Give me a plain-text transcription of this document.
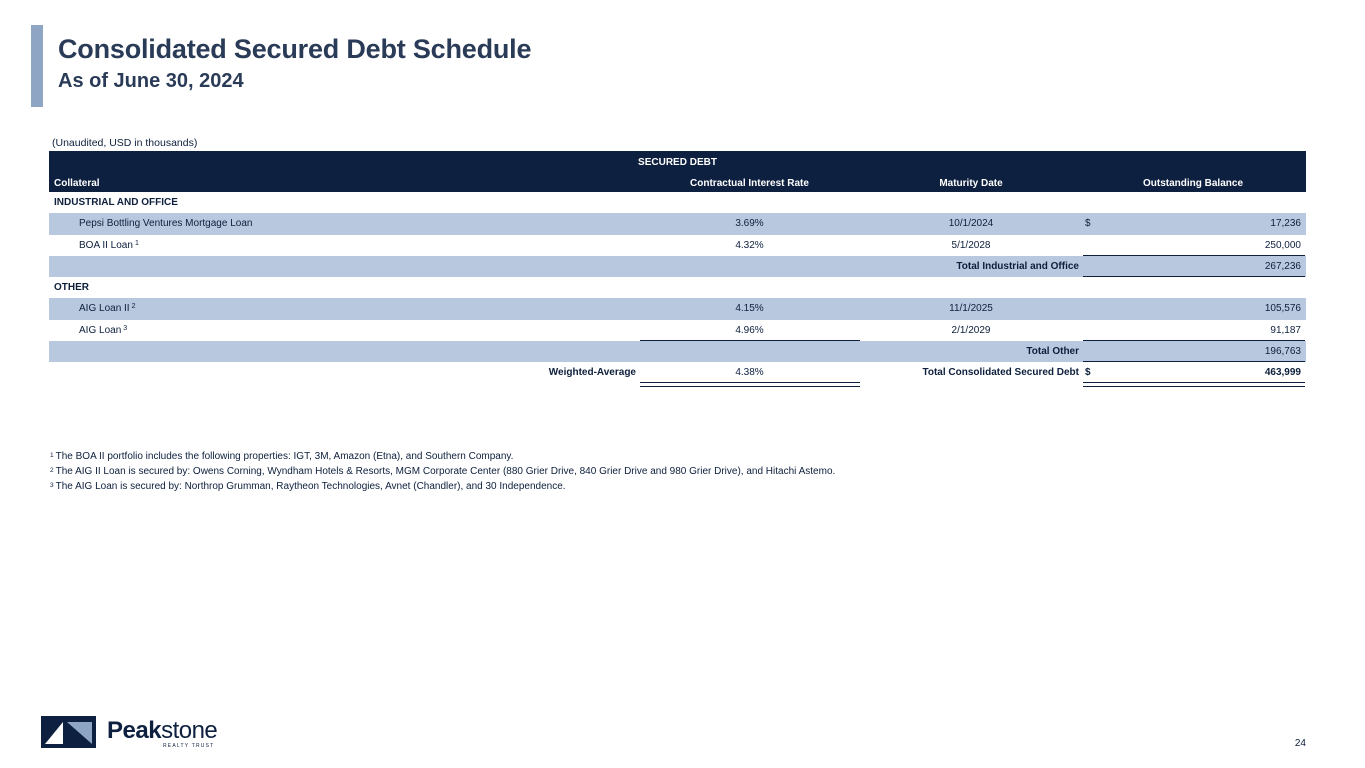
Consolidated Secured Debt Schedule
As of June 30, 2024
(Unaudited, USD in thousands)
SECURED DEBT
Collateral	Contractual Interest Rate	Maturity Date	Outstanding Balance
INDUSTRIAL AND OFFICE
Pepsi Bottling Ventures Mortgage Loan	3.69%	10/1/2024	$	17,236
BOA II Loan $^1$	4.32%	5/1/2028	250,000
Total Industrial and Office	267,236
OTHER
AIG Loan II $^2$	4.15%	11/1/2025	105,576
AIG Loan $^3$	4.96%	2/1/2029	91,187
Total Other	196,763
Weighted-Average	4.38%	Total Consolidated Secured Debt $	463,999
$^1$ The BOA II portfolio includes the following properties: IGT, 3M, Amazon (Etna), and Southern Company.
$^2$ The AIG II Loan is secured by: Owens Corning, Wyndham Hotels & Resorts, MGM Corporate Center (880 Grier Drive, 840 Grier Drive and 980 Grier Drive), and Hitachi Astemo.
$^3$ The AIG Loan is secured by: Northrop Grumman, Raytheon Technologies, Avnet (Chandler), and 30 Independence.
Peakstone
REALTY TRUST	24
